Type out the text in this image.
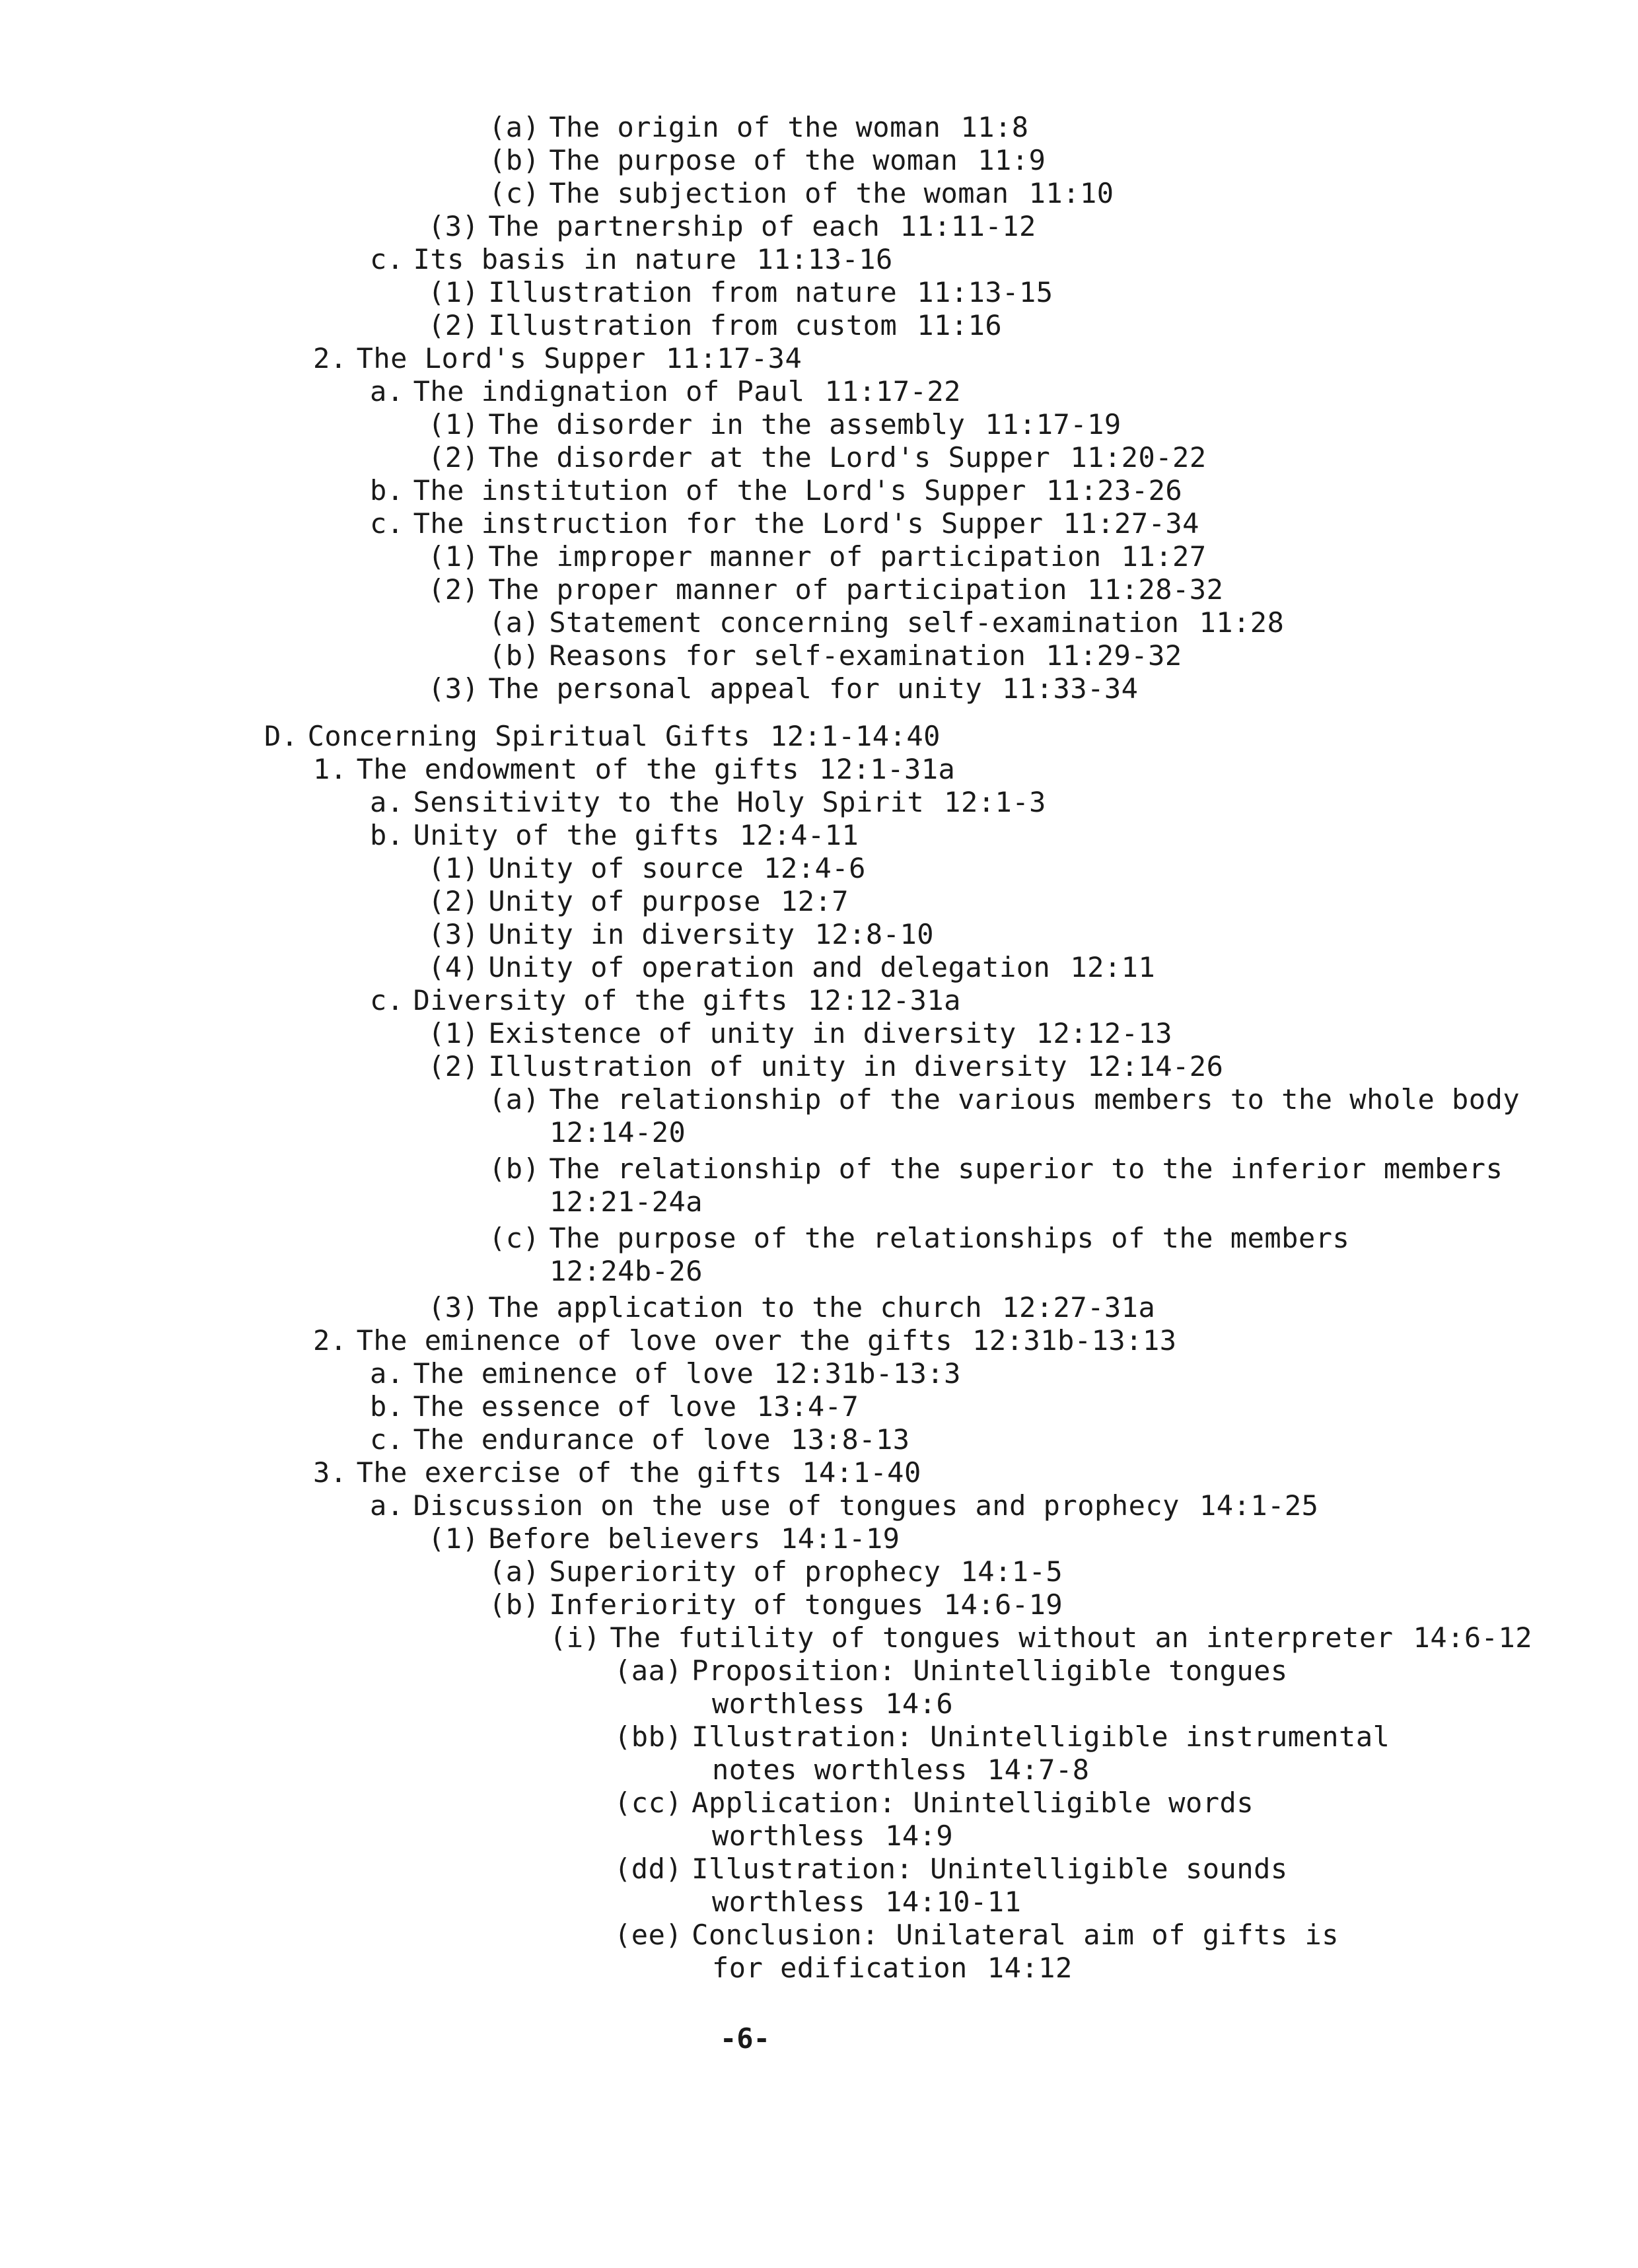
(a) The origin of the woman 11:8
(b) The purpose of the woman 11:9
(c) The subjection of the woman 11:10
(3) The partnership of each 11:11-12
c. Its basis in nature 11:13-16
(1) Illustration from nature 11:13-15
(2) Illustration from custom 11:16
2. The Lord's Supper 11:17-34
a. The indignation of Paul 11:17-22
(1) The disorder in the assembly 11:17-19
(2) The disorder at the Lord's Supper 11:20-22
b. The institution of the Lord's Supper 11:23-26
c. The instruction for the Lord's Supper 11:27-34
(1) The improper manner of participation 11:27
(2) The proper manner of participation 11:28-32
(a) Statement concerning self-examination 11:28
(b) Reasons for self-examination 11:29-32
(3) The personal appeal for unity 11:33-34
D. Concerning Spiritual Gifts 12:1-14:40
1. The endowment of the gifts 12:1-31a
a. Sensitivity to the Holy Spirit 12:1-3
b. Unity of the gifts 12:4-11
(1) Unity of source 12:4-6
(2) Unity of purpose 12:7
(3) Unity in diversity 12:8-10
(4) Unity of operation and delegation 12:11
c. Diversity of the gifts 12:12-31a
(1) Existence of unity in diversity 12:12-13
(2) Illustration of unity in diversity 12:14-26
(a) The relationship of the various members to the whole body
12:14-20
(b) The relationship of the superior to the inferior members
12:21-24a
(c) The purpose of the relationships of the members
12:24b-26
(3) The application to the church 12:27-31a
2. The eminence of love over the gifts 12:31b-13:13
a. The eminence of love 12:31b-13:3
b. The essence of love 13:4-7
c. The endurance of love 13:8-13
3. The exercise of the gifts 14:1-40
a. Discussion on the use of tongues and prophecy 14:1-25
(1) Before believers 14:1-19
(a) Superiority of prophecy 14:1-5
(b) Inferiority of tongues 14:6-19
(i) The futility of tongues without an interpreter 14:6-12
(aa) Proposition: Unintelligible tongues
worthless 14:6
(bb) Illustration: Unintelligible instrumental
notes worthless 14:7-8
(cc) Application: Unintelligible words
worthless 14:9
(dd) Illustration: Unintelligible sounds
worthless 14:10-11
(ee) Conclusion: Unilateral aim of gifts is
for edification 14:12
-6-
